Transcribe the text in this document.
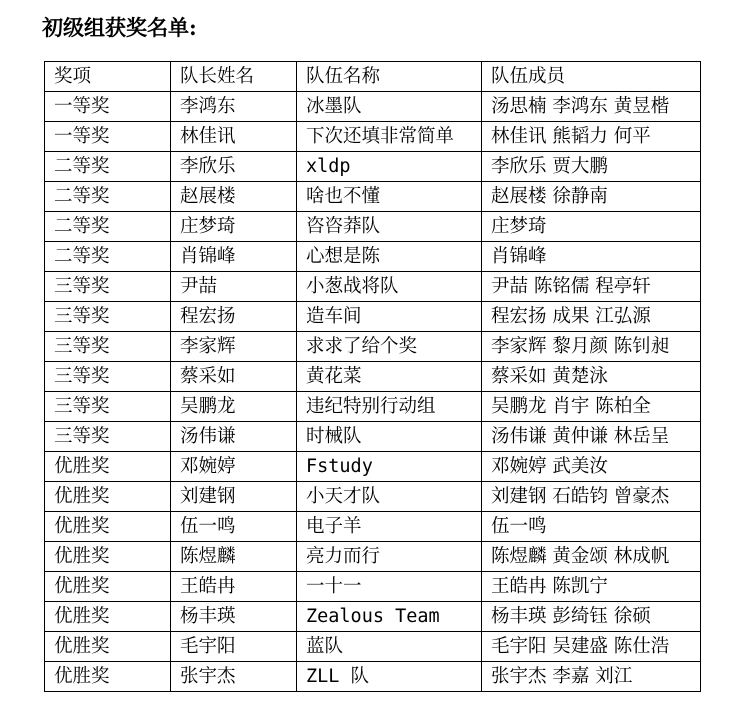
初级组获奖名单:
奖项	队长姓名	队伍名称	队伍成员
一等奖	李鸿东	冰墨队	汤思楠 李鸿东 黄昱楷
一等奖	林佳讯	下次还填非常简单	林佳讯 熊韬力 何平
二等奖	李欣乐	xldp	李欣乐 贾大鹏
二等奖	赵展楼	啥也不懂	赵展楼 徐静南
二等奖	庄梦琦	咨咨莽队	庄梦琦
二等奖	肖锦峰	心想是陈	肖锦峰
三等奖	尹喆	小葱战将队	尹喆 陈铭儒 程亭轩
三等奖	程宏扬	造车间	程宏扬 成果 江弘源
三等奖	李家辉	求求了给个奖	李家辉 黎月颜 陈钊昶
三等奖	蔡采如	黄花菜	蔡采如 黄楚泳
三等奖	吴鹏龙	违纪特别行动组	吴鹏龙 肖宇 陈柏全
三等奖	汤伟谦	时械队	汤伟谦 黄仲谦 林岳呈
优胜奖	邓婉婷	Fstudy	邓婉婷 武美汝
优胜奖	刘建钢	小天才队	刘建钢 石皓钧 曾豪杰
优胜奖	伍一鸣	电子羊	伍一鸣
优胜奖	陈煜麟	亮力而行	陈煜麟 黄金颂 林成帆
优胜奖	王皓冉	一十一	王皓冉 陈凯宁
优胜奖	杨丰瑛	Zealous Team	杨丰瑛 彭绮钰 徐硕
优胜奖	毛宇阳	蓝队	毛宇阳 吴建盛 陈仕浩
优胜奖	张宇杰	ZLL 队	张宇杰 李嘉 刘江
